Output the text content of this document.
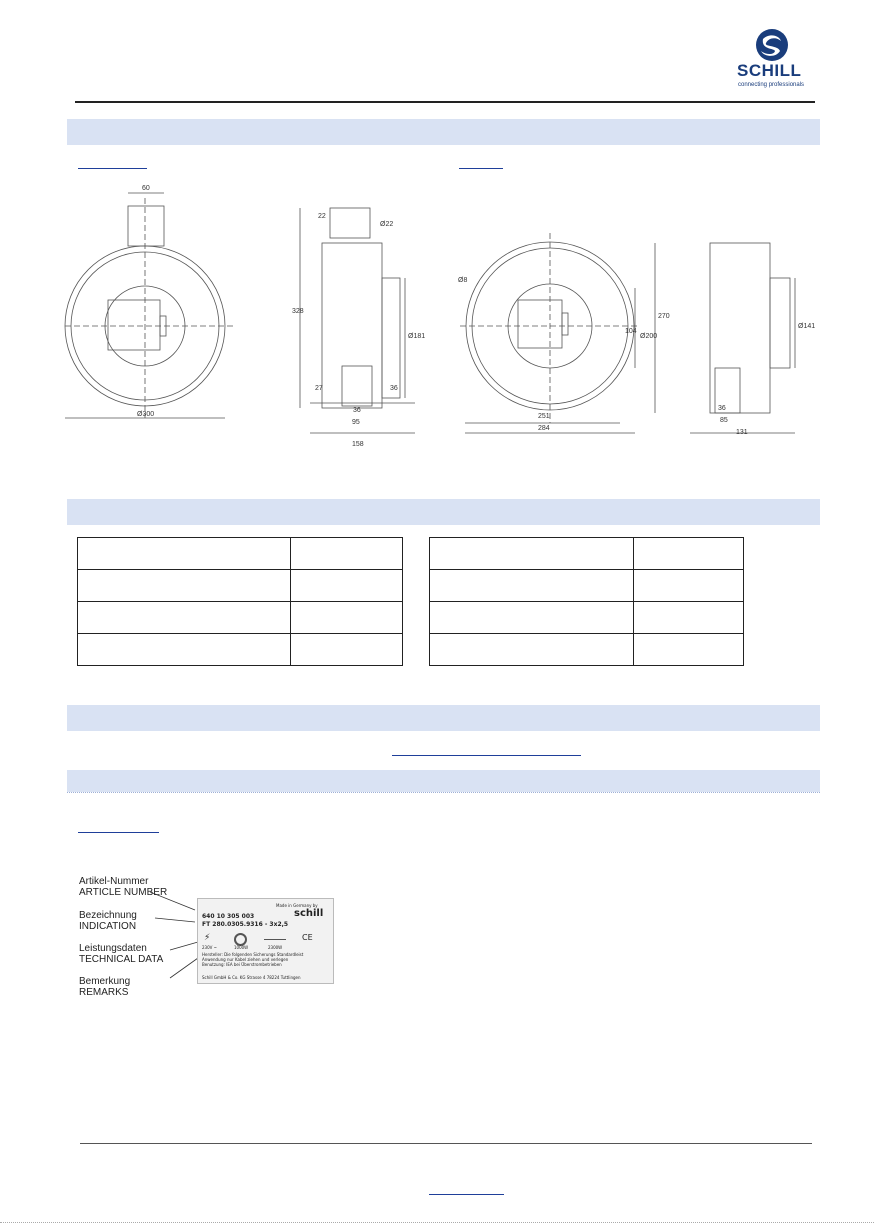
SCHILL
connecting professionals
60
22
Ø22
328
Ø181
27
36
36
95
158
Ø300
Ø8
Ø200
104
270
Ø141
251
284
36
85
131

Artikel-Nummer
ARTICLE NUMBER
Bezeichnung
INDICATION
Leistungsdaten
TECHNICAL DATA
Bemerkung
REMARKS
Made in Germany by
schill
640 10 305 003
FT 280.0305.9316 - 3x2,5
⚡	CE
230V ~	1000W	2300W
Hersteller: Die folgenden Sicherungs Standardleist
Anwendung nur Kabel ziehen und verlegen
Benutzung: IEA bei Überstrombetrieben
Schill GmbH & Co. KG Strasse 4 78224 Tuttlingen
